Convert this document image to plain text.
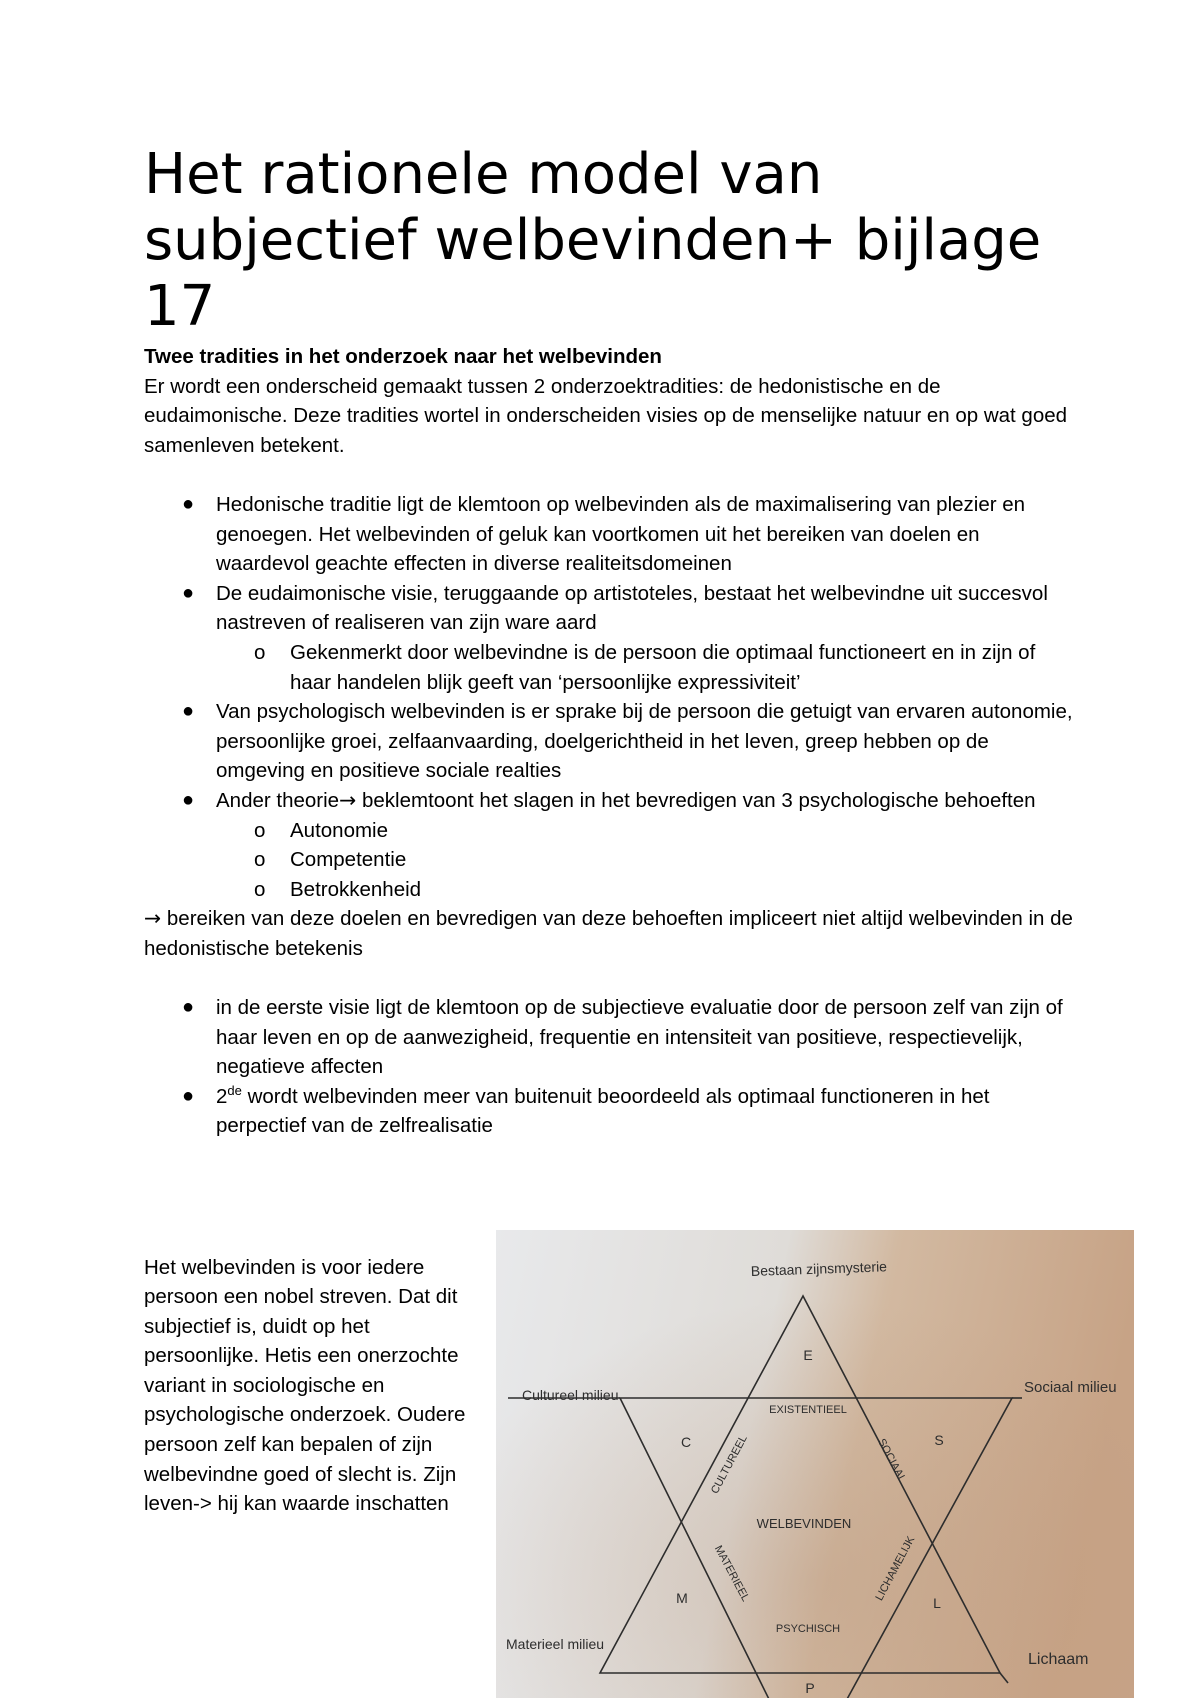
Het rationele model van subjectief welbevinden+ bijlage 17

Twee tradities in het onderzoek naar het welbevinden

Er wordt een onderscheid gemaakt tussen 2 onderzoektradities: de hedonistische en de eudaimonische. Deze tradities wortel in onderscheiden visies op de menselijke natuur en op wat goed samenleven betekent.

● Hedonische traditie ligt de klemtoon op welbevinden als de maximalisering van plezier en genoegen. Het welbevinden of geluk kan voortkomen uit het bereiken van doelen en waardevol geachte effecten in diverse realiteitsdomeinen
● De eudaimonische visie, teruggaande op artistoteles, bestaat het welbevindne uit succesvol nastreven of realiseren van zijn ware aard
o Gekenmerkt door welbevindne is de persoon die optimaal functioneert en in zijn of haar handelen blijk geeft van ‘persoonlijke expressiviteit’
● Van psychologisch welbevinden is er sprake bij de persoon die getuigt van ervaren autonomie, persoonlijke groei, zelfaanvaarding, doelgerichtheid in het leven, greep hebben op de omgeving en positieve sociale realties
● Ander theorie→ beklemtoont het slagen in het bevredigen van 3 psychologische behoeften
o Autonomie
o Competentie
o Betrokkenheid

→ bereiken van deze doelen en bevredigen van deze behoeften impliceert niet altijd welbevinden in de hedonistische betekenis

● in de eerste visie ligt de klemtoon op de subjectieve evaluatie door de persoon zelf van zijn of haar leven en op de aanwezigheid, frequentie en intensiteit van positieve, respectievelijk, negatieve affecten
● 2de wordt welbevinden meer van buitenuit beoordeeld als optimaal functioneren in het perpectief van de zelfrealisatie

Het welbevinden is voor iedere persoon een nobel streven. Dat dit subjectief is, duidt op het persoonlijke. Hetis een onerzochte variant in sociologische en psychologische onderzoek. Oudere persoon zelf kan bepalen of zijn welbevindne goed of slecht is. Zijn leven-> hij kan waarde inschatten

Bestaan zijnsmysterie
Cultureel milieu	Sociaal milieu
Materieel milieu
Lichaam
WELBEVINDEN
EXISTENTIEEL
PSYCHISCH
CULTUREEL	SOCIAAL
MATERIEEL	LICHAMELIJK
E
C	S
M	L
P
